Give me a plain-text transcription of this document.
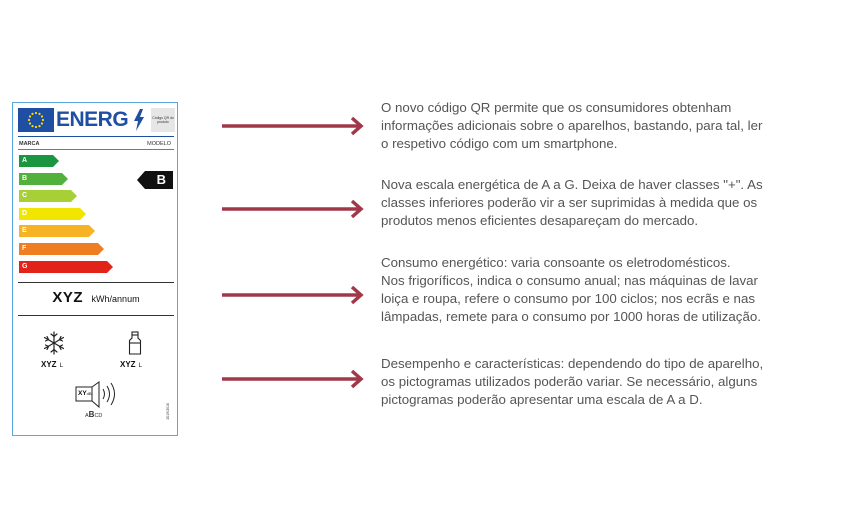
ENERG	Código QR do produto
MARCA	MODELO
A
B
C
D
E
F
G
B
XYZ kWh/annum
XYZ L	XYZ L
XYdB
ABCD	2019/2016

O novo código QR permite que os consumidores obtenham

informações adicionais sobre o aparelhos, bastando, para tal, ler

o respetivo código com um smartphone.

Nova escala energética de A a G. Deixa de haver classes "+". As

classes inferiores poderão vir a ser suprimidas à medida que os

produtos menos eficientes desapareçam do mercado.

Consumo energético: varia consoante os eletrodomésticos.

Nos frigoríficos, indica o consumo anual; nas máquinas de lavar

loiça e roupa, refere o consumo por 100 ciclos; nos ecrãs e nas

lâmpadas, remete para o consumo por 1000 horas de utilização.

Desempenho e características: dependendo do tipo de aparelho,

os pictogramas utilizados poderão variar. Se necessário, alguns

pictogramas poderão apresentar uma escala de A a D.
